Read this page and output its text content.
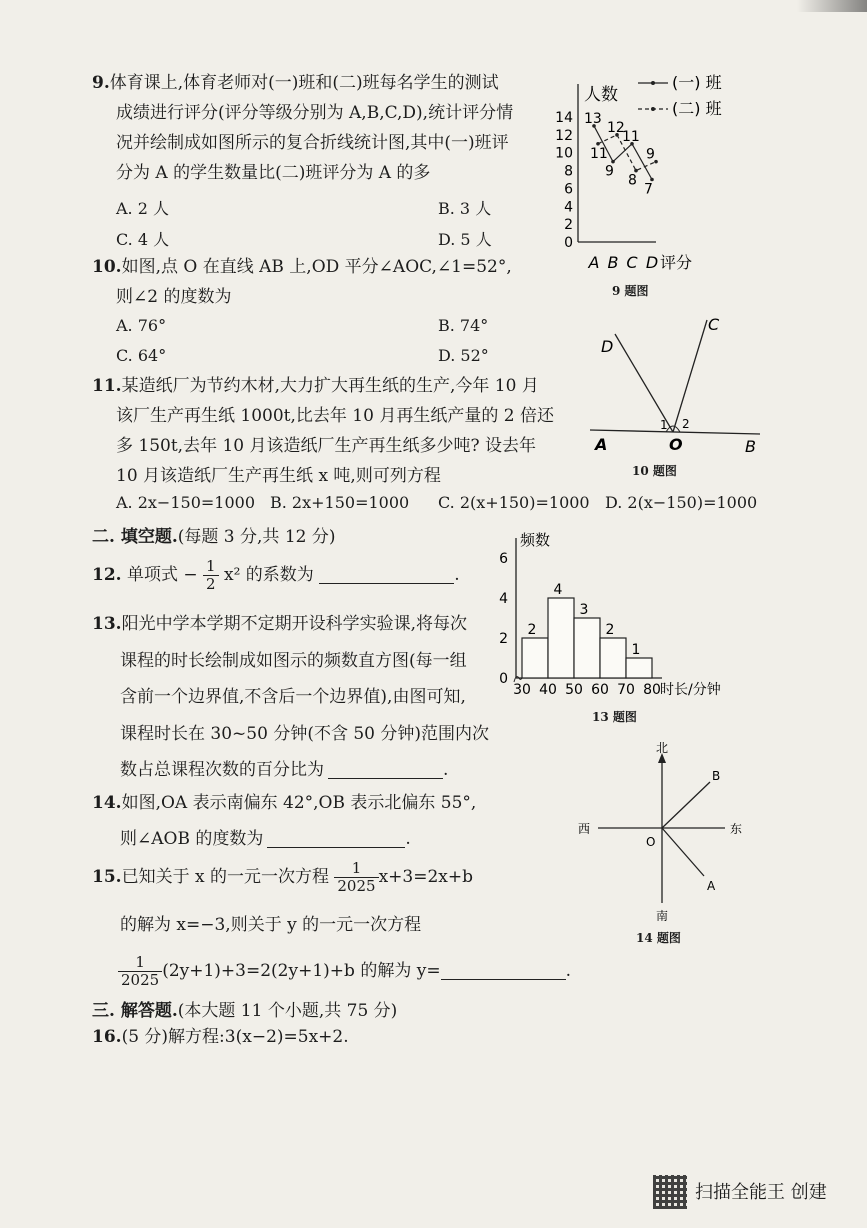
9.体育课上,体育老师对(一)班和(二)班每名学生的测试
成绩进行评分(评分等级分别为 A,B,C,D),统计评分情
况并绘制成如图所示的复合折线统计图,其中(一)班评
分为 A 的学生数量比(二)班评分为 A 的多
A. 2 人	B. 3 人
C. 4 人	D. 5 人	0
2
4
6
8
10
12
14
A B C D 评分
人数
13
9
11
7
11
12
8
9
(一) 班
(二) 班
9 题图
10.如图,点 O 在直线 AB 上,OD 平分∠AOC,∠1=52°,
则∠2 的度数为
A. 76°	B. 74°
C. 64°	D. 52°	D
C
A	O	B
1 2
10 题图
11.某造纸厂为节约木材,大力扩大再生纸的生产,今年 10 月
该厂生产再生纸 1000t,比去年 10 月再生纸产量的 2 倍还
多 150t,去年 10 月该造纸厂生产再生纸多少吨? 设去年
10 月该造纸厂生产再生纸 x 吨,则可列方程
A. 2x−150=1000 B. 2x+150=1000 C. 2(x+150)=1000 D. 2(x−150)=1000
二. 填空题.(每题 3 分,共 12 分)
12. 单项式 − $\frac{1}{2} x^2$ 的系数为	.
0
2
4
6
2
4
3
2
1
30 40 50 60 70 80 时长/分钟
频数
13 题图
13.阳光中学本学期不定期开设科学实验课,将每次
课程的时长绘制成如图示的频数直方图(每一组
含前一个边界值,不含后一个边界值),由图可知,
课程时长在 30~50 分钟(不含 50 分钟)范围内次
数占总课程次数的百分比为	.
14.如图,OA 表示南偏东 42°,OB 表示北偏东 55°,
则∠AOB 的度数为	.
北
南
东
西
O
A
B
14 题图
15.已知关于 x 的一元一次方程 $\frac{1}{2025} x+3=2x+b$
的解为 x=−3,则关于 y 的一元一次方程
$\frac{1}{2025} (2y+1)+3=2(2y+1)+b$ 的解为 y=	.
三. 解答题.(本大题 11 个小题,共 75 分)
16.(5 分)解方程:3(x−2)=5x+2.
扫描全能王 创建
